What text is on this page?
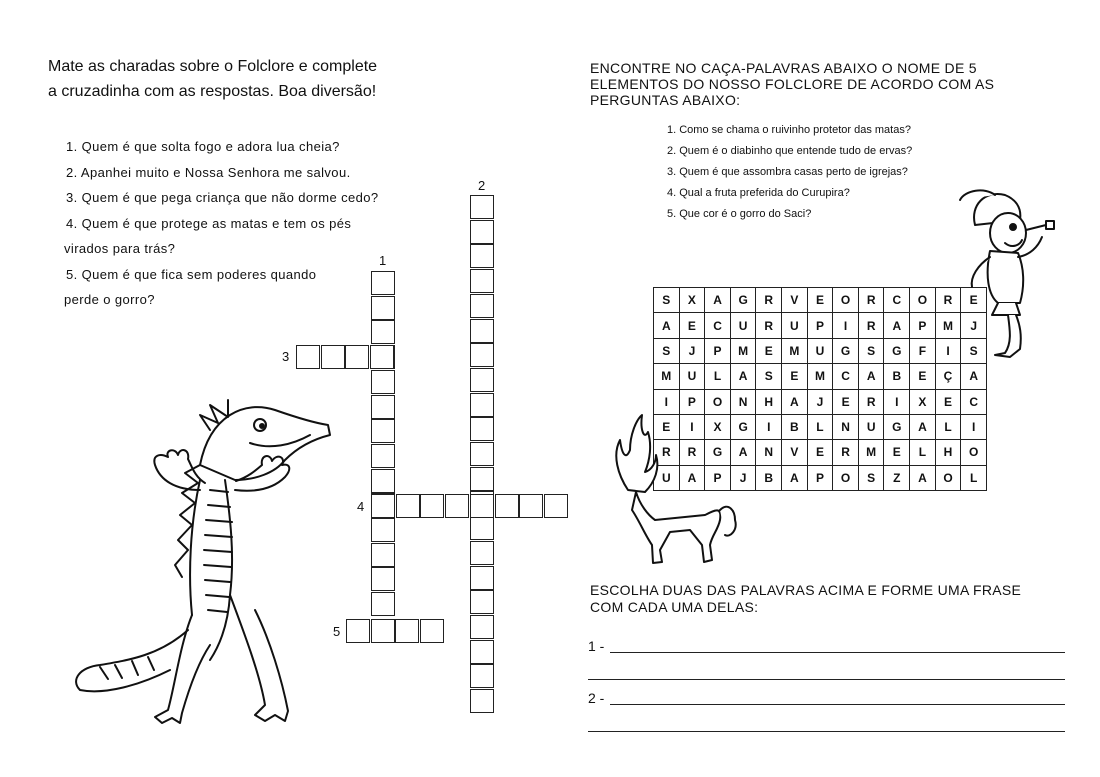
Mate as charadas sobre o Folclore e complete
a cruzadinha com as respostas. Boa diversão!
1. Quem é que solta fogo e adora lua cheia?
2. Apanhei muito e Nossa Senhora me salvou.
3. Quem é que pega criança que não dorme cedo?
4. Quem é que protege as matas e tem os pés
virados para trás?
5. Quem é que fica sem poderes quando
perde o gorro?
1
2
3
4
5
ENCONTRE NO CAÇA-PALAVRAS ABAIXO O NOME DE 5
ELEMENTOS DO NOSSO FOLCLORE DE ACORDO COM AS
PERGUNTAS ABAIXO:
1. Como se chama o ruivinho protetor das matas?
2. Quem é o diabinho que entende tudo de ervas?
3. Quem é que assombra casas perto de igrejas?
4. Qual a fruta preferida do Curupira?
5. Que cor é o gorro do Saci?
S	X	A	G	R	V	E	O	R	C	O	R	E
A	E	C	U	R	U	P	I	R	A	P	M	J
S	J	P	M	E	M	U	G	S	G	F	I	S
M	U	L	A	S	E	M	C	A	B	E	Ç	A
I	P	O	N	H	A	J	E	R	I	X	E	C
E	I	X	G	I	B	L	N	U	G	A	L	I
R	R	G	A	N	V	E	R	M	E	L	H	O
U	A	P	J	B	A	P	O	S	Z	A	O	L
ESCOLHA DUAS DAS PALAVRAS ACIMA E FORME UMA FRASE
COM CADA UMA DELAS:
1 -
2 -
